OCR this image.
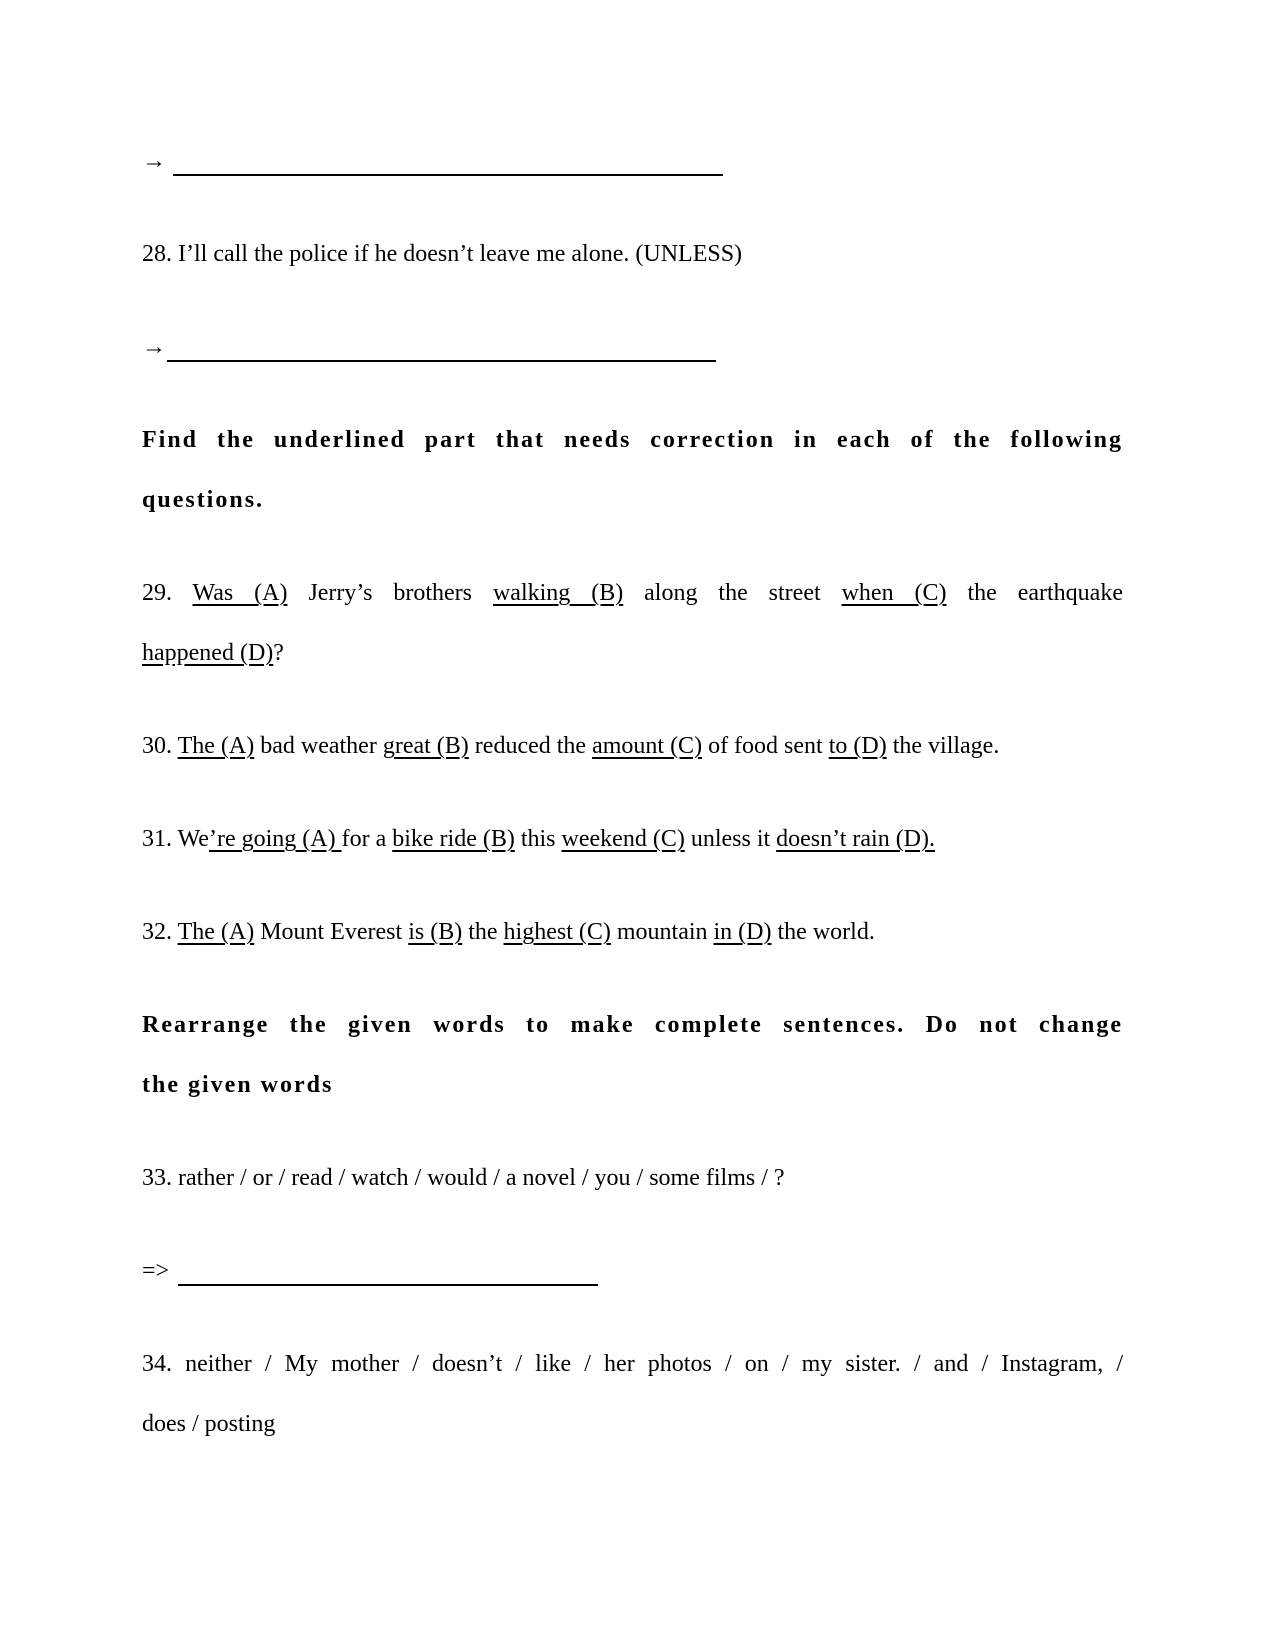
→
28. I’ll call the police if he doesn’t leave me alone. (UNLESS)
→
Find the underlined part that needs correction in each of the following
questions.
29. Was (A) Jerry’s brothers walking (B) along the street when (C) the earthquake
happened (D)?
30. The (A) bad weather great (B) reduced the amount (C) of food sent to (D) the village.
31. We’re going (A) for a bike ride (B) this weekend (C) unless it doesn’t rain (D).
32. The (A) Mount Everest is (B) the highest (C) mountain in (D) the world.
Rearrange the given words to make complete sentences. Do not change
the given words
33. rather / or / read / watch / would / a novel / you / some films / ?
=>
34. neither / My mother / doesn’t / like / her photos / on / my sister. / and / Instagram, /
does / posting
